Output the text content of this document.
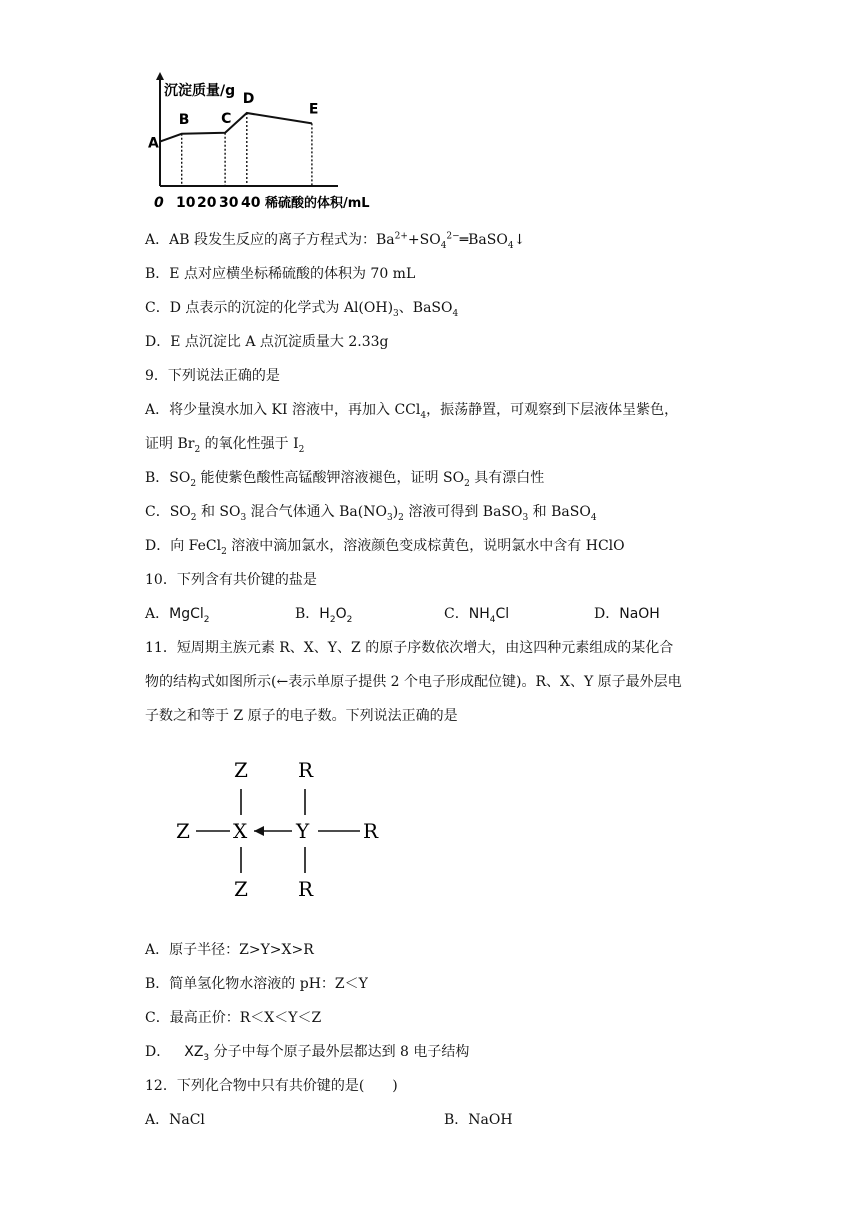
沉淀质量/g
0 10 20 30 40 稀硫酸的体积/mL
A
B C
D
E
A．AB 段发生反应的离子方程式为：$Ba^{2+}+SO_4^{2-}═BaSO_4↓$
B．E 点对应横坐标稀硫酸的体积为 70 mL
C．D 点表示的沉淀的化学式为 $Al(OH)_3$、BaSO$_4$
D．E 点沉淀比 A 点沉淀质量大 2.33g
9．下列说法正确的是
A．将少量溴水加入 KI 溶液中，再加入 CCl$_4$，振荡静置，可观察到下层液体呈紫色，
证明 $Br_2$ 的氧化性强于 $I_2$
B．$SO_2$ 能使紫色酸性高锰酸钾溶液褪色，证明 $SO_2$ 具有漂白性
C．$SO_2$ 和 $SO_3$ 混合气体通入 $Ba(NO_3)_2$ 溶液可得到 BaSO$_3$ 和 BaSO$_4$
D．向 FeCl$_2$ 溶液中滴加氯水，溶液颜色变成棕黄色，说明氯水中含有 HClO
10．下列含有共价键的盐是
A．MgCl$_2$	B．$H_2O_2$	C．$NH_4Cl$	D．NaOH
11．短周期主族元素 R、X、Y、Z 的原子序数依次增大，由这四种元素组成的某化合
物的结构式如图所示(←表示单原子提供 2 个电子形成配位键)。R、X、Y 原子最外层电
子数之和等于 Z 原子的电子数。下列说法正确的是
Z	R
Z X Y	R
Z	R
A．原子半径：Z>Y>X>R
B．简单氢化物水溶液的 pH：Z＜Y
C．最高正价：R＜X＜Y＜Z
D． $XZ_3$ 分子中每个原子最外层都达到 8 电子结构
12．下列化合物中只有共价键的是(　　)
A．NaCl	B．NaOH
